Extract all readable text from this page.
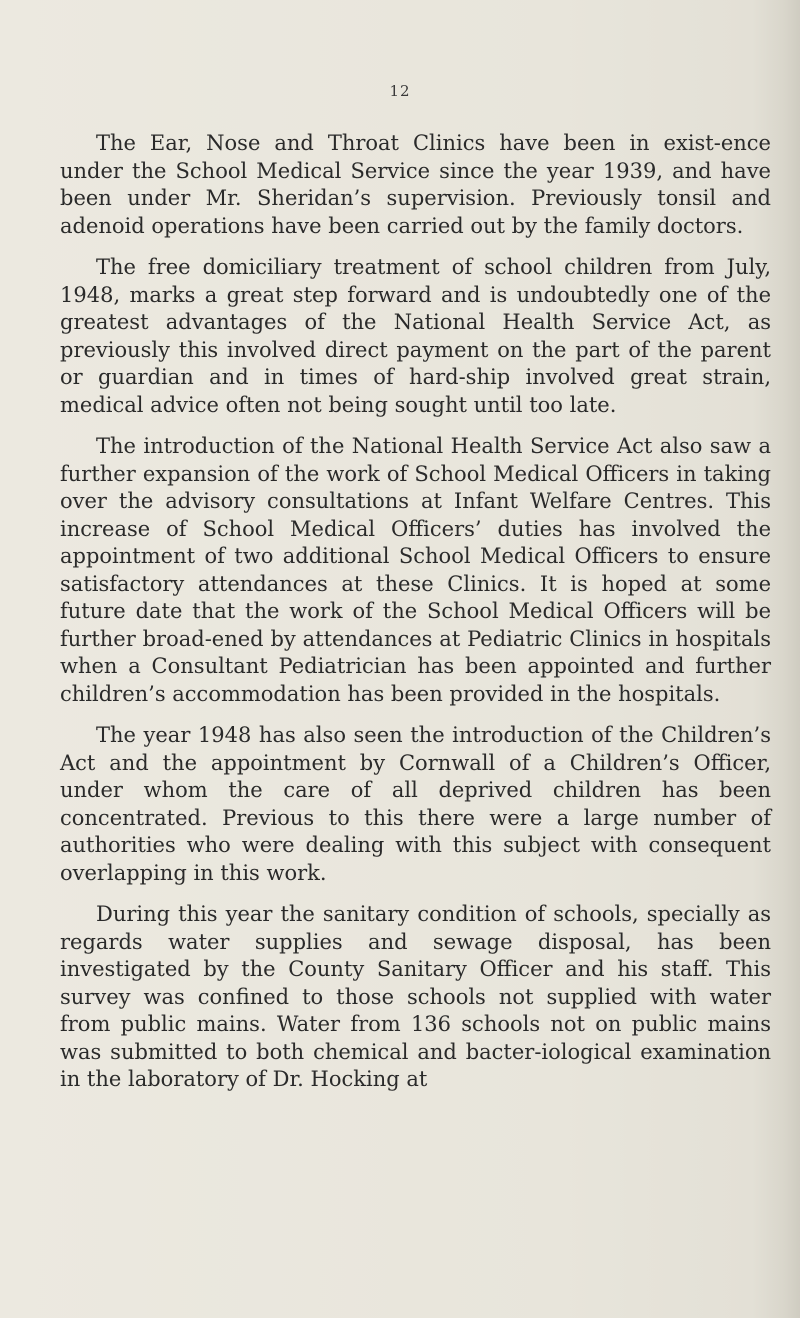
12

The Ear, Nose and Throat Clinics have been in exist-ence under the School Medical Service since the year 1939, and have been under Mr. Sheridan’s supervision. Previously tonsil and adenoid operations have been carried out by the family doctors.

The free domiciliary treatment of school children from July, 1948, marks a great step forward and is undoubtedly one of the greatest advantages of the National Health Service Act, as previously this involved direct payment on the part of the parent or guardian and in times of hard-ship involved great strain, medical advice often not being sought until too late.

The introduction of the National Health Service Act also saw a further expansion of the work of School Medical Officers in taking over the advisory consultations at Infant Welfare Centres. This increase of School Medical Officers’ duties has involved the appointment of two additional School Medical Officers to ensure satisfactory attendances at these Clinics. It is hoped at some future date that the work of the School Medical Officers will be further broad-ened by attendances at Pediatric Clinics in hospitals when a Consultant Pediatrician has been appointed and further children’s accommodation has been provided in the hospitals.

The year 1948 has also seen the introduction of the Children’s Act and the appointment by Cornwall of a Children’s Officer, under whom the care of all deprived children has been concentrated. Previous to this there were a large number of authorities who were dealing with this subject with consequent overlapping in this work.

During this year the sanitary condition of schools, specially as regards water supplies and sewage disposal, has been investigated by the County Sanitary Officer and his staff. This survey was confined to those schools not supplied with water from public mains. Water from 136 schools not on public mains was submitted to both chemical and bacter-iological examination in the laboratory of Dr. Hocking at
